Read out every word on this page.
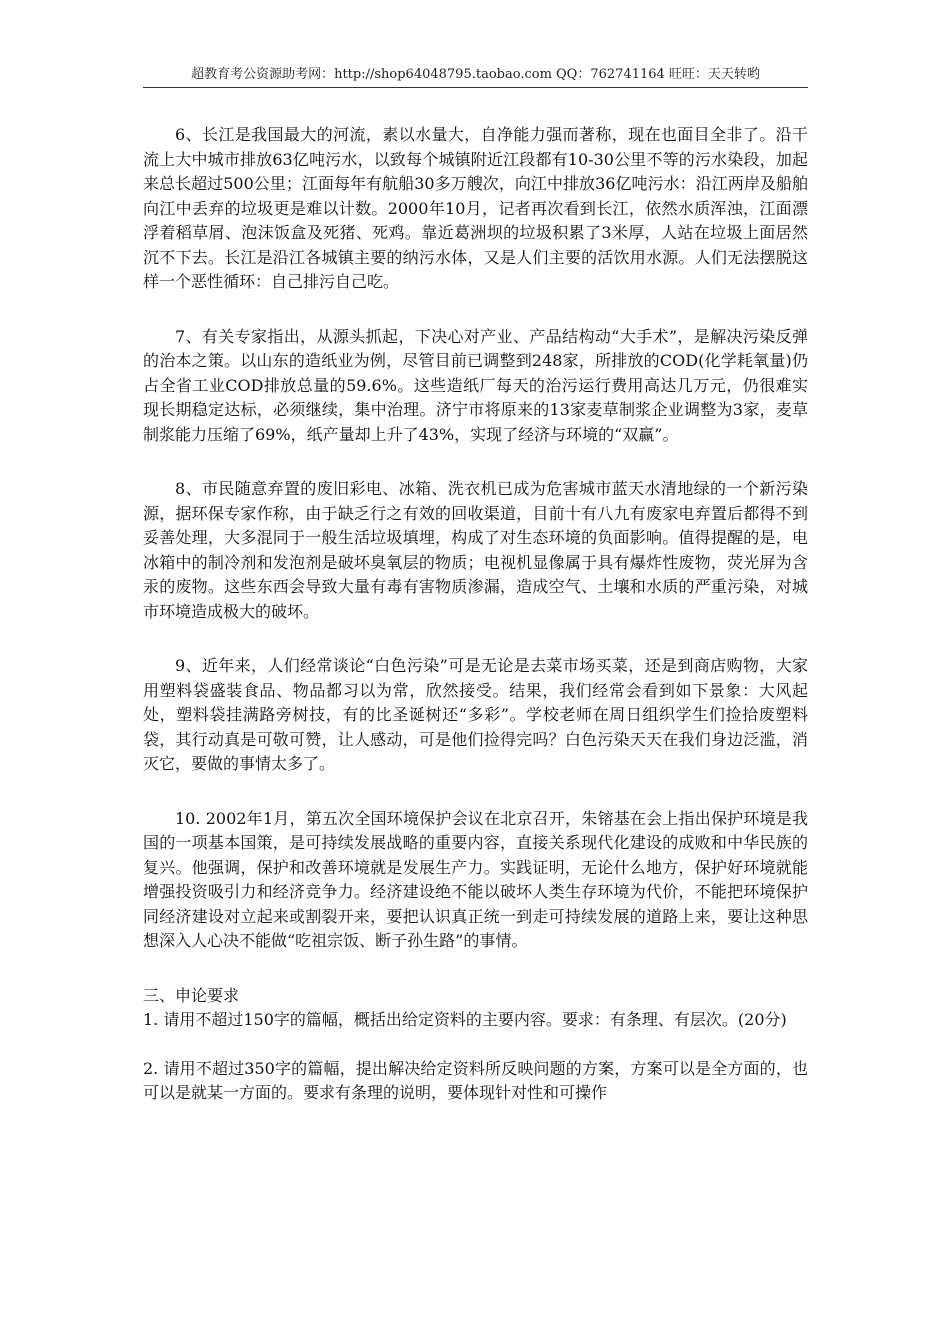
超教育考公资源助考网：http://shop64048795.taobao.com QQ：762741164 旺旺：天天转哟

6、长江是我国最大的河流，素以水量大，自净能力强而著称，现在也面目全非了。沿干流上大中城市排放63亿吨污水，以致每个城镇附近江段都有10-30公里不等的污水染段，加起来总长超过500公里；江面每年有航船30多万艘次，向江中排放36亿吨污水：沿江两岸及船舶向江中丢弃的垃圾更是难以计数。2000年10月，记者再次看到长江，依然水质浑浊，江面漂浮着稻草屑、泡沫饭盒及死猪、死鸡。靠近葛洲坝的垃圾积累了3米厚，人站在垃圾上面居然沉不下去。长江是沿江各城镇主要的纳污水体，又是人们主要的活饮用水源。人们无法摆脱这样一个恶性循环：自己排污自己吃。

7、有关专家指出，从源头抓起，下决心对产业、产品结构动“大手术”，是解决污染反弹的治本之策。以山东的造纸业为例，尽管目前已调整到248家，所排放的COD(化学耗氧量)仍占全省工业COD排放总量的59.6%。这些造纸厂每天的治污运行费用高达几万元，仍很难实现长期稳定达标，必须继续，集中治理。济宁市将原来的13家麦草制浆企业调整为3家，麦草制浆能力压缩了69%，纸产量却上升了43%，实现了经济与环境的“双赢”。

8、市民随意弃置的废旧彩电、冰箱、洗衣机已成为危害城市蓝天水清地绿的一个新污染源，据环保专家作称，由于缺乏行之有效的回收渠道，目前十有八九有废家电弃置后都得不到妥善处理，大多混同于一般生活垃圾填埋，构成了对生态环境的负面影响。值得提醒的是，电冰箱中的制冷剂和发泡剂是破坏臭氧层的物质；电视机显像属于具有爆炸性废物，荧光屏为含汞的废物。这些东西会导致大量有毒有害物质渗漏，造成空气、土壤和水质的严重污染，对城市环境造成极大的破坏。

9、近年来，人们经常谈论“白色污染”可是无论是去菜市场买菜，还是到商店购物，大家用塑料袋盛装食品、物品都习以为常，欣然接受。结果，我们经常会看到如下景象：大风起处，塑料袋挂满路旁树技，有的比圣诞树还“多彩”。学校老师在周日组织学生们捡拾废塑料袋，其行动真是可敬可赞，让人感动，可是他们捡得完吗？白色污染天天在我们身边泛滥，消灭它，要做的事情太多了。

10. 2002年1月，第五次全国环境保护会议在北京召开，朱镕基在会上指出保护环境是我国的一项基本国策，是可持续发展战略的重要内容，直接关系现代化建设的成败和中华民族的复兴。他强调，保护和改善环境就是发展生产力。实践证明，无论什么地方，保护好环境就能增强投资吸引力和经济竞争力。经济建设绝不能以破坏人类生存环境为代价，不能把环境保护同经济建设对立起来或割裂开来，要把认识真正统一到走可持续发展的道路上来，要让这种思想深入人心决不能做“吃祖宗饭、断子孙生路”的事情。

三、申论要求

1. 请用不超过150字的篇幅，概括出给定资料的主要内容。要求：有条理、有层次。(20分)

2. 请用不超过350字的篇幅，提出解决给定资料所反映问题的方案，方案可以是全方面的，也可以是就某一方面的。要求有条理的说明，要体现针对性和可操作
